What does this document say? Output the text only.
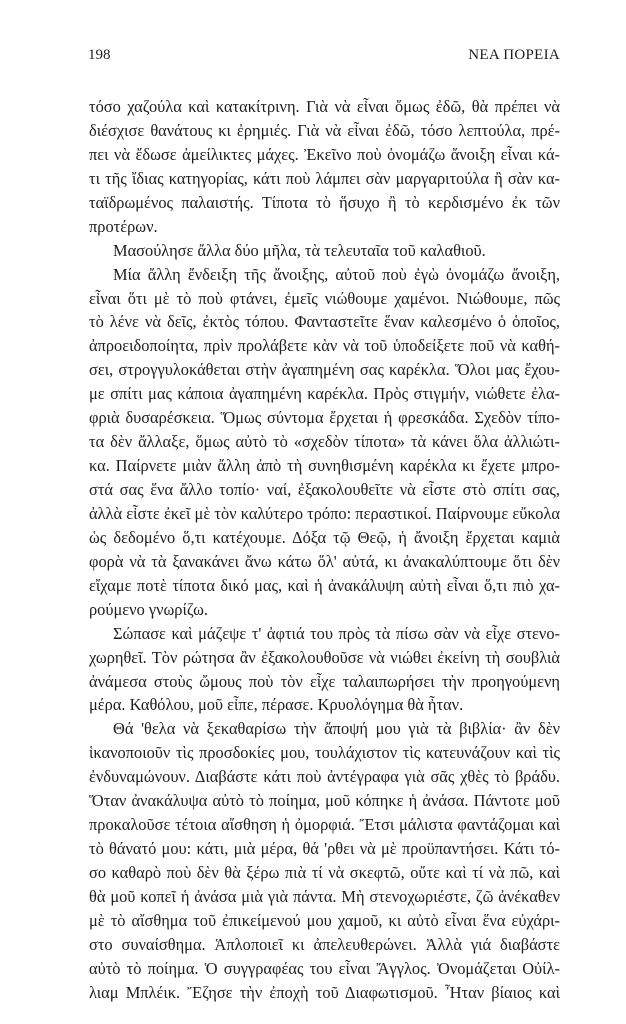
198	ΝΕΑ ΠΟΡΕΙΑ
τόσο χαζούλα καὶ κατακίτρινη. Γιὰ νὰ εἶναι ὅμως ἐδῶ, θὰ πρέπει νὰ
διέσχισε θανάτους κι ἐρημιές. Γιὰ νὰ εἶναι ἐδῶ, τόσο λεπτούλα, πρέ-
πει νὰ ἔδωσε ἀμείλικτες μάχες. Ἐκεῖνο ποὺ ὀνομάζω ἄνοιξη εἶναι κά-
τι τῆς ἴδιας κατηγορίας, κάτι ποὺ λάμπει σὰν μαργαριτούλα ἢ σὰν κα-
ταϊδρωμένος παλαιστής. Τίποτα τὸ ἥσυχο ἢ τὸ κερδισμένο ἐκ τῶν
προτέρων.
Μασούλησε ἄλλα δύο μῆλα, τὰ τελευταῖα τοῦ καλαθιοῦ.
Μία ἄλλη ἔνδειξη τῆς ἄνοιξης, αὐτοῦ ποὺ ἐγὼ ὀνομάζω ἄνοιξη,
εἶναι ὅτι μὲ τὸ ποὺ φτάνει, ἐμεῖς νιώθουμε χαμένοι. Νιώθουμε, πῶς
τὸ λένε νὰ δεῖς, ἐκτὸς τόπου. Φανταστεῖτε ἕναν καλεσμένο ὁ ὁποῖος,
ἀπροειδοποίητα, πρὶν προλάβετε κὰν νὰ τοῦ ὑποδείξετε ποῦ νὰ καθή-
σει, στρογγυλοκάθεται στὴν ἀγαπημένη σας καρέκλα. Ὅλοι μας ἔχου-
με σπίτι μας κάποια ἀγαπημένη καρέκλα. Πρὸς στιγμήν, νιώθετε ἐλα-
φριὰ δυσαρέσκεια. Ὅμως σύντομα ἔρχεται ἡ φρεσκάδα. Σχεδὸν τίπο-
τα δὲν ἄλλαξε, ὅμως αὐτὸ τὸ «σχεδὸν τίποτα» τὰ κάνει ὅλα ἀλλιώτι-
κα. Παίρνετε μιὰν ἄλλη ἀπὸ τὴ συνηθισμένη καρέκλα κι ἔχετε μπρο-
στά σας ἕνα ἄλλο τοπίο· ναί, ἐξακολουθεῖτε νὰ εἶστε στὸ σπίτι σας,
ἀλλὰ εἶστε ἐκεῖ μὲ τὸν καλύτερο τρόπο: περαστικοί. Παίρνουμε εὔκολα
ὡς δεδομένο ὅ,τι κατέχουμε. Δόξα τῷ Θεῷ, ἡ ἄνοιξη ἔρχεται καμιὰ
φορὰ νὰ τὰ ξανακάνει ἄνω κάτω ὅλ' αὐτά, κι ἀνακαλύπτουμε ὅτι δὲν
εἴχαμε ποτὲ τίποτα δικό μας, καὶ ἡ ἀνακάλυψη αὐτὴ εἶναι ὅ,τι πιὸ χα-
ρούμενο γνωρίζω.
Σώπασε καὶ μάζεψε τ' ἀφτιά του πρὸς τὰ πίσω σὰν νὰ εἶχε στενο-
χωρηθεῖ. Τὸν ρώτησα ἂν ἐξακολουθοῦσε νὰ νιώθει ἐκείνη τὴ σουβλιὰ
ἀνάμεσα στοὺς ὤμους ποὺ τὸν εἶχε ταλαιπωρήσει τὴν προηγούμενη
μέρα. Καθόλου, μοῦ εἶπε, πέρασε. Κρυολόγημα θὰ ἦταν.
Θά 'θελα νὰ ξεκαθαρίσω τὴν ἄποψή μου γιὰ τὰ βιβλία· ἂν δὲν
ἱκανοποιοῦν τὶς προσδοκίες μου, τουλάχιστον τὶς κατευνάζουν καὶ τὶς
ἐνδυναμώνουν. Διαβάστε κάτι ποὺ ἀντέγραφα γιὰ σᾶς χθὲς τὸ βράδυ.
Ὅταν ἀνακάλυψα αὐτὸ τὸ ποίημα, μοῦ κόπηκε ἡ ἀνάσα. Πάντοτε μοῦ
προκαλοῦσε τέτοια αἴσθηση ἡ ὀμορφιά. Ἔτσι μάλιστα φαντάζομαι καὶ
τὸ θάνατό μου: κάτι, μιὰ μέρα, θά 'ρθει νὰ μὲ προϋπαντήσει. Κάτι τό-
σο καθαρὸ ποὺ δὲν θὰ ξέρω πιὰ τί νὰ σκεφτῶ, οὔτε καὶ τί νὰ πῶ, καὶ
θὰ μοῦ κοπεῖ ἡ ἀνάσα μιὰ γιὰ πάντα. Μὴ στενοχωριέστε, ζῶ ἀνέκαθεν
μὲ τὸ αἴσθημα τοῦ ἐπικείμενού μου χαμοῦ, κι αὐτὸ εἶναι ἕνα εὐχάρι-
στο συναίσθημα. Ἁπλοποιεῖ κι ἀπελευθερώνει. Ἀλλὰ γιά διαβάστε
αὐτὸ τὸ ποίημα. Ὁ συγγραφέας του εἶναι Ἄγγλος. Ὀνομάζεται Οὐίλ-
λιαμ Μπλέικ. Ἔζησε τὴν ἐποχὴ τοῦ Διαφωτισμοῦ. Ἦταν βίαιος καὶ
